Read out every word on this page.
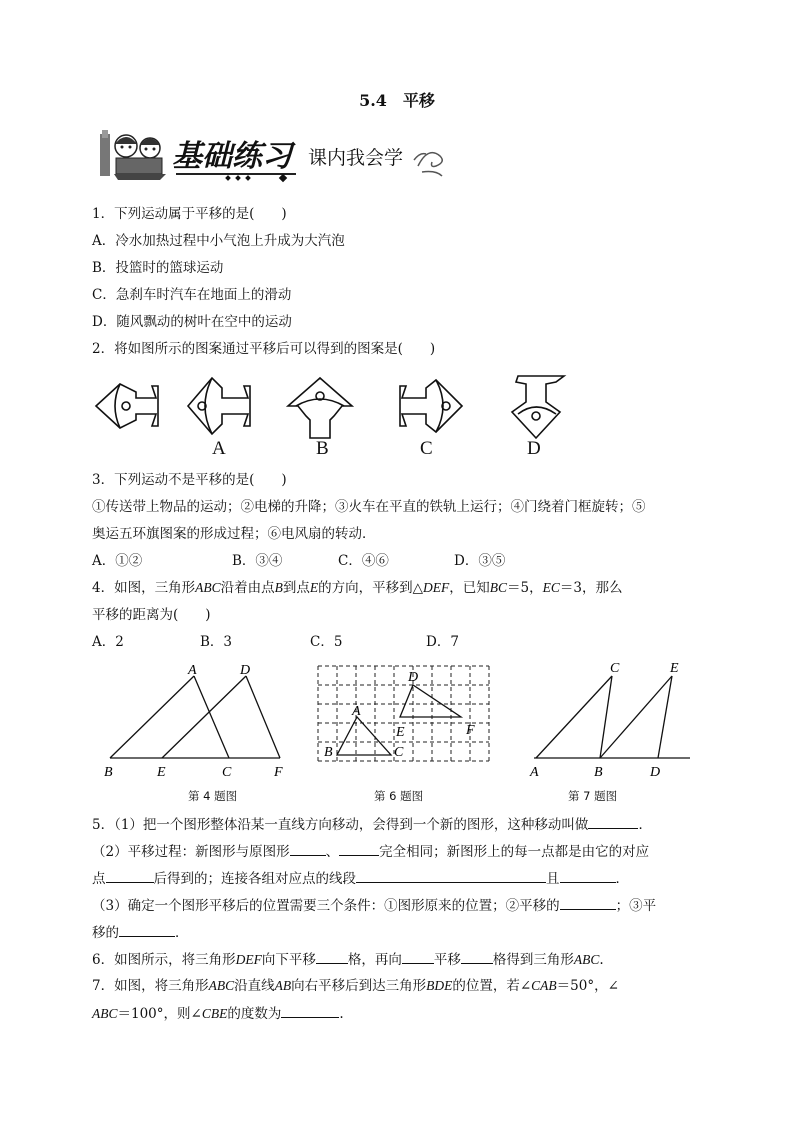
5.4　平移
基础练习 课内我会学
1．下列运动属于平移的是(　　)
A．冷水加热过程中小气泡上升成为大汽泡
B．投篮时的篮球运动
C．急刹车时汽车在地面上的滑动
D．随风飘动的树叶在空中的运动
2．将如图所示的图案通过平移后可以得到的图案是(　　)
A	B	C	D
3．下列运动不是平移的是(　　)
①传送带上物品的运动；②电梯的升降；③火车在平直的铁轨上运行；④门绕着门框旋转；⑤
奥运五环旗图案的形成过程；⑥电风扇的转动．
A．①②	B．③④	C．④⑥	D．③⑤
4．如图，三角形ABC沿着由点B到点E的方向，平移到△DEF，已知BC＝5，EC＝3，那么
平移的距离为(　　)
A．2	B．3	C．5	D．7
A	D
B	E	C	F
第 4 题图
D
A
E	F
B	C
第 6 题图
C	E
A	B	D
第 7 题图
5．（1）把一个图形整体沿某一直线方向移动，会得到一个新的图形，这种移动叫做	．
（2）平移过程：新图形与原图形	、	完全相同；新图形上的每一点都是由它的对应
点	后得到的；连接各组对应点的线段	且	．
（3）确定一个图形平移后的位置需要三个条件：①图形原来的位置；②平移的	；③平
移的	．
6．如图所示，将三角形DEF向下平移 格，再向 平移 格得到三角形ABC.
7．如图，将三角形ABC沿直线AB向右平移后到达三角形BDE的位置，若∠CAB＝50°，∠
ABC＝100°，则∠CBE的度数为	.
